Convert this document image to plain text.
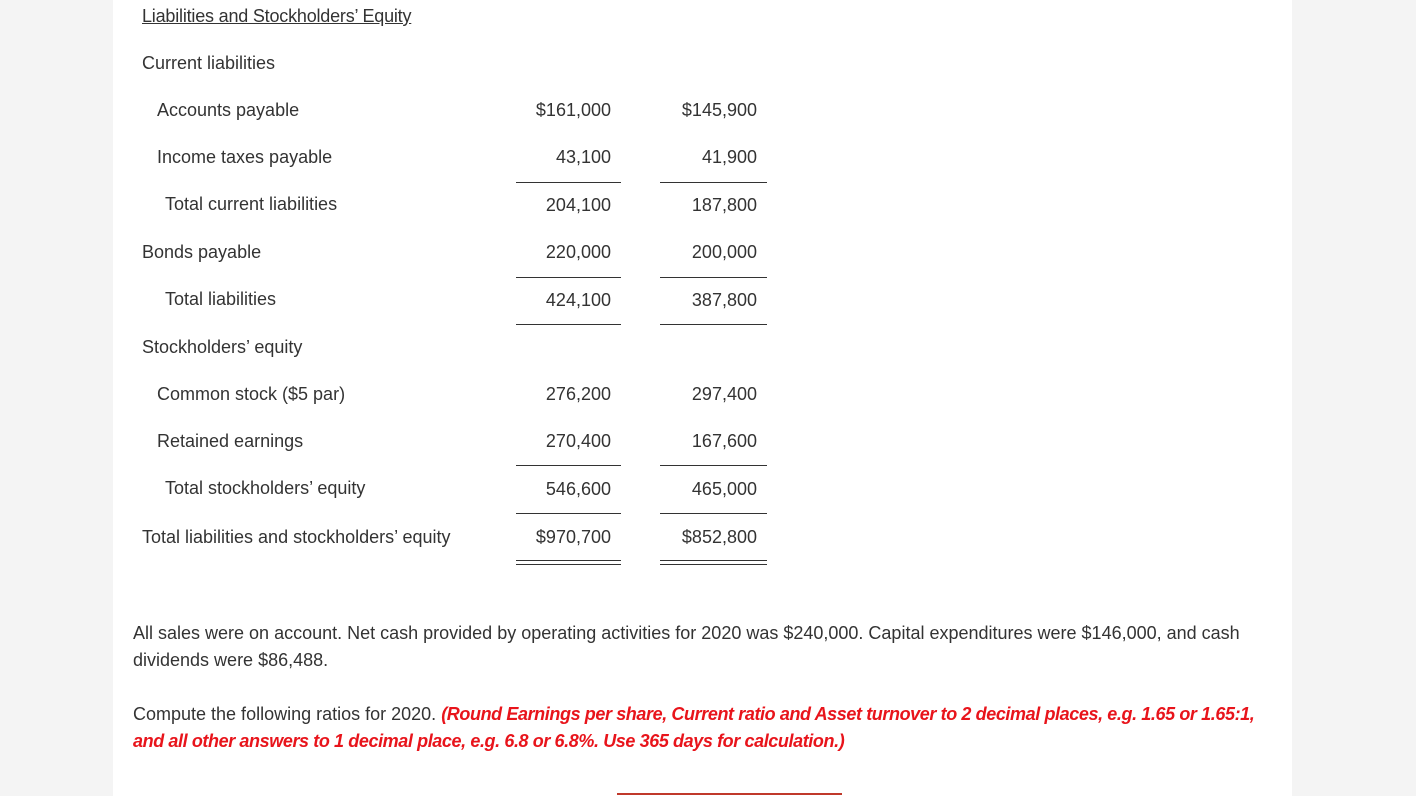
Liabilities and Stockholders’ Equity
Current liabilities
Accounts payable	$161,000	$145,900
Income taxes payable	43,100	41,900
Total current liabilities	204,100	187,800
Bonds payable	220,000	200,000
Total liabilities	424,100	387,800
Stockholders’ equity
Common stock ($5 par)	276,200	297,400
Retained earnings	270,400	167,600
Total stockholders’ equity	546,600	465,000
Total liabilities and stockholders’ equity	$970,700	$852,800
All sales were on account. Net cash provided by operating activities for 2020 was $240,000. Capital expenditures were $146,000, and cash dividends were $86,488.
Compute the following ratios for 2020. (Round Earnings per share, Current ratio and Asset turnover to 2 decimal places, e.g. 1.65 or 1.65:1, and all other answers to 1 decimal place, e.g. 6.8 or 6.8%. Use 365 days for calculation.)
